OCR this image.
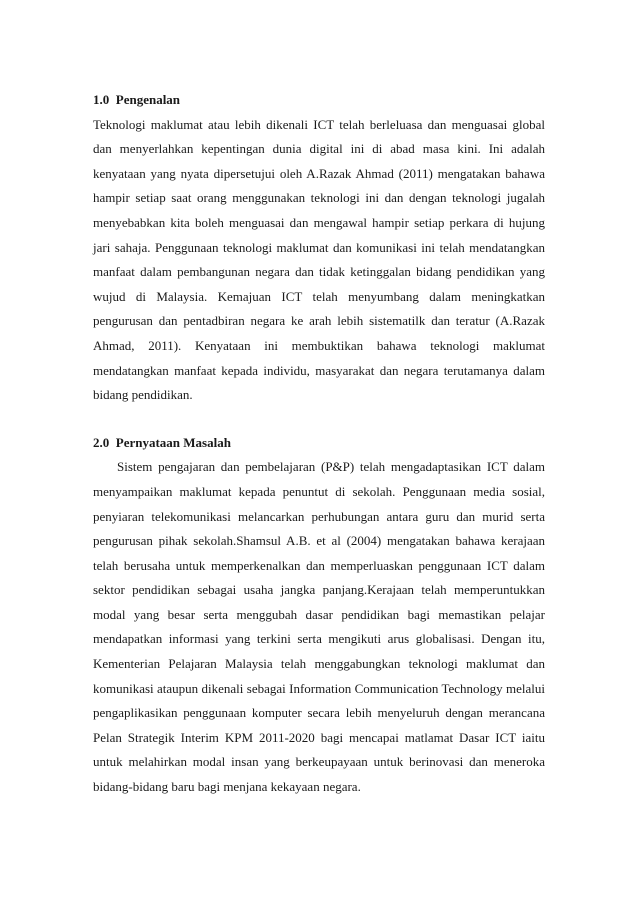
1.0  Pengenalan

Teknologi maklumat atau lebih dikenali ICT telah berleluasa dan menguasai global dan menyerlahkan kepentingan dunia digital ini di abad masa kini. Ini adalah kenyataan yang nyata dipersetujui oleh A.Razak Ahmad (2011) mengatakan bahawa hampir setiap saat orang menggunakan teknologi ini dan dengan teknologi jugalah menyebabkan kita boleh menguasai dan mengawal hampir setiap perkara di hujung jari sahaja. Penggunaan teknologi maklumat dan komunikasi ini telah mendatangkan manfaat dalam pembangunan negara dan tidak ketinggalan bidang pendidikan yang wujud di Malaysia. Kemajuan ICT telah menyumbang dalam meningkatkan pengurusan dan pentadbiran negara ke arah lebih sistematilk dan teratur (A.Razak Ahmad, 2011). Kenyataan ini membuktikan bahawa teknologi maklumat mendatangkan manfaat kepada individu, masyarakat dan negara terutamanya dalam bidang pendidikan.

2.0  Pernyataan Masalah

Sistem pengajaran dan pembelajaran (P&P) telah mengadaptasikan ICT dalam menyampaikan maklumat kepada penuntut di sekolah. Penggunaan media sosial, penyiaran telekomunikasi melancarkan perhubungan antara guru dan murid serta pengurusan pihak sekolah.Shamsul A.B. et al (2004) mengatakan bahawa kerajaan telah berusaha untuk memperkenalkan dan memperluaskan penggunaan ICT dalam sektor pendidikan sebagai usaha jangka panjang.Kerajaan telah memperuntukkan modal yang besar serta menggubah dasar pendidikan bagi memastikan pelajar mendapatkan informasi yang terkini serta mengikuti arus globalisasi. Dengan itu, Kementerian Pelajaran Malaysia telah menggabungkan teknologi maklumat dan komunikasi ataupun dikenali sebagai Information Communication Technology melalui pengaplikasikan penggunaan komputer secara lebih menyeluruh dengan merancana Pelan Strategik Interim KPM 2011-2020 bagi mencapai matlamat Dasar ICT iaitu untuk melahirkan modal insan yang berkeupayaan untuk berinovasi dan meneroka bidang-bidang baru bagi menjana kekayaan negara.
